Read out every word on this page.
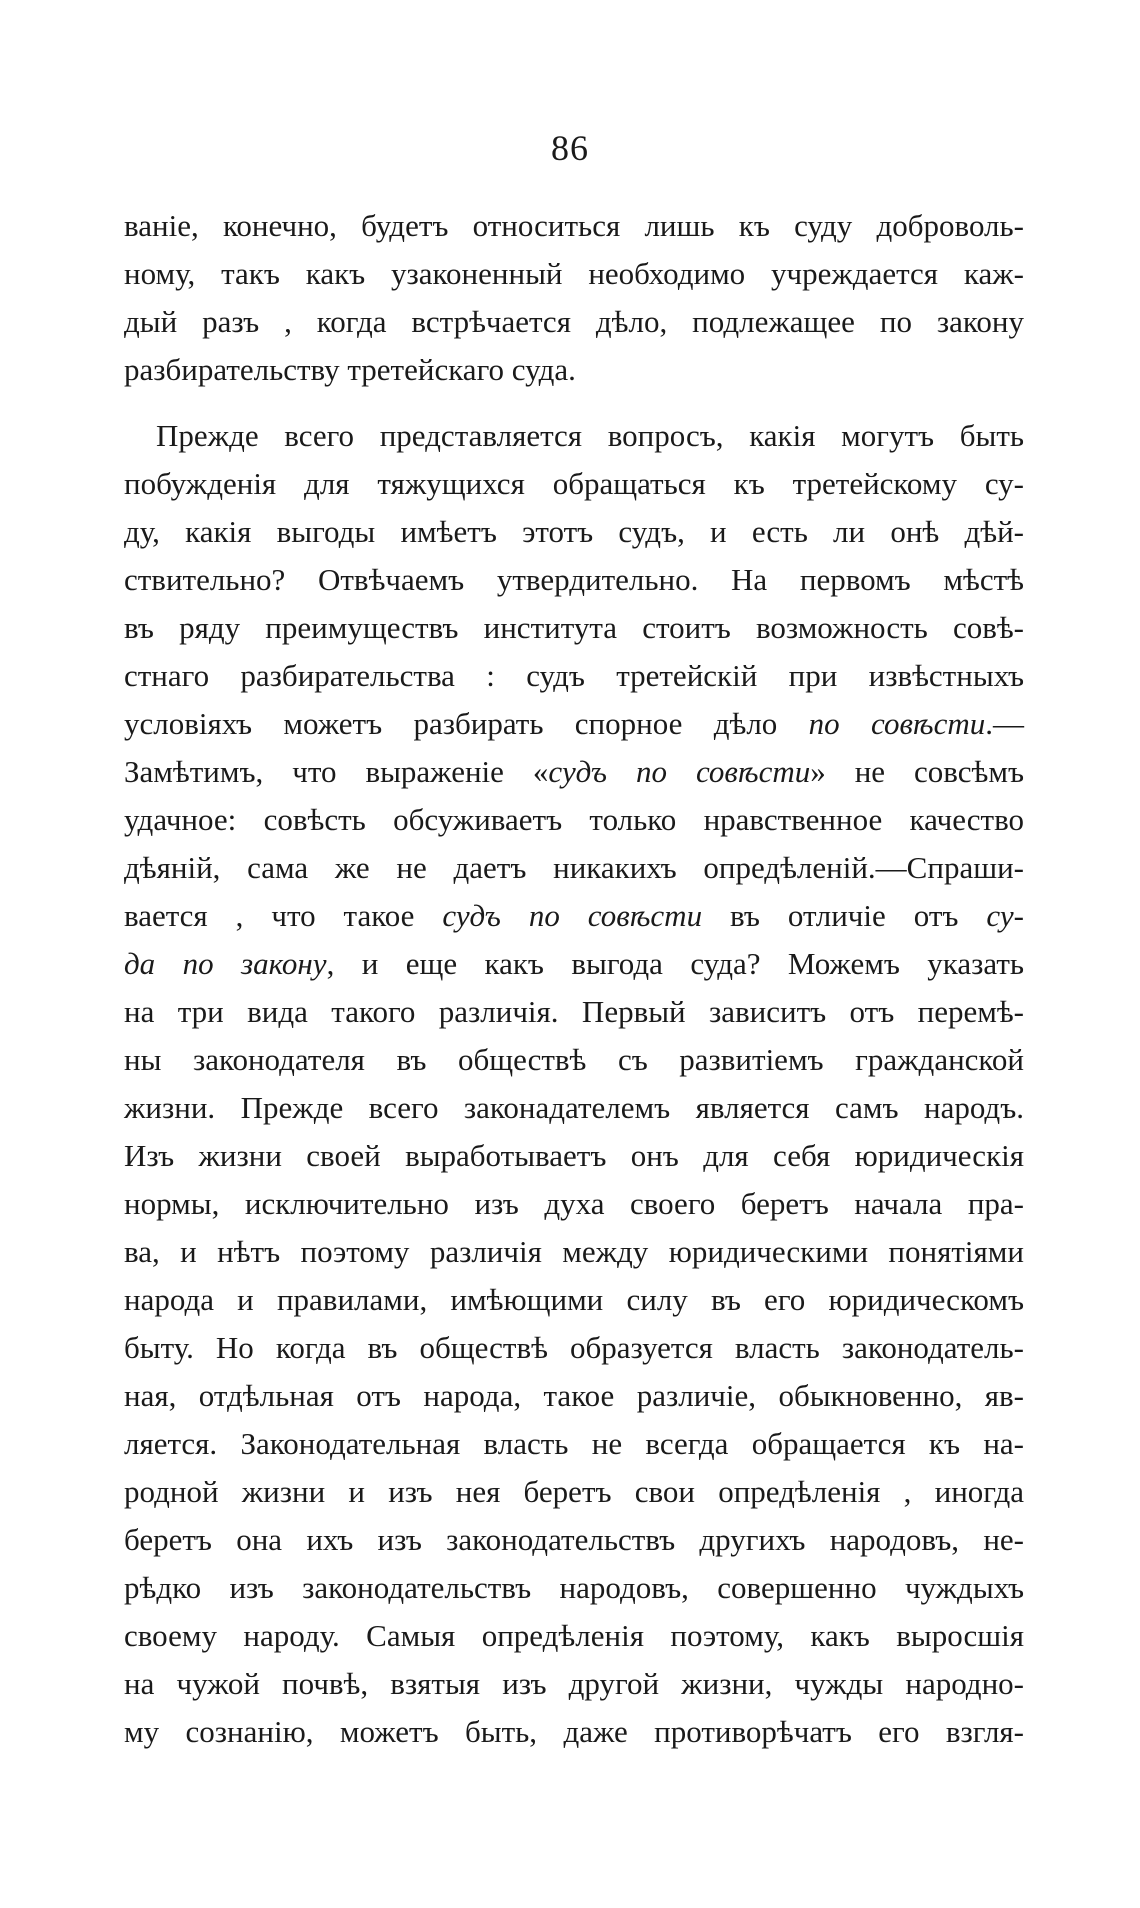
86
ваніе, конечно, будетъ относиться лишь къ суду доброволь-
ному, такъ какъ узаконенный необходимо учреждается каж-
дый разъ , когда встрѣчается дѣло, подлежащее по закону
разбирательству третейскаго суда.
Прежде всего представляется вопросъ, какія могутъ быть
побужденія для тяжущихся обращаться къ третейскому су-
ду, какія выгоды имѣетъ этотъ судъ, и есть ли онѣ дѣй-
ствительно? Отвѣчаемъ утвердительно. На первомъ мѣстѣ
въ ряду преимуществъ института стоитъ возможность совѣ-
стнаго разбирательства : судъ третейскій при извѣстныхъ
условіяхъ можетъ разбирать спорное дѣло по совѣсти.—
Замѣтимъ, что выраженіе «судъ по совѣсти» не совсѣмъ
удачное: совѣсть обсуживаетъ только нравственное качество
дѣяній, сама же не даетъ никакихъ опредѣленій.—Спраши-
вается , что такое судъ по совѣсти въ отличіе отъ су-
да по закону, и еще какъ выгода суда? Можемъ указать
на три вида такого различія. Первый зависитъ отъ перемѣ-
ны законодателя въ обществѣ съ развитіемъ гражданской
жизни. Прежде всего законадателемъ является самъ народъ.
Изъ жизни своей выработываетъ онъ для себя юридическія
нормы, исключительно изъ духа своего беретъ начала пра-
ва, и нѣтъ поэтому различія между юридическими понятіями
народа и правилами, имѣющими силу въ его юридическомъ
быту. Но когда въ обществѣ образуется власть законодатель-
ная, отдѣльная отъ народа, такое различіе, обыкновенно, яв-
ляется. Законодательная власть не всегда обращается къ на-
родной жизни и изъ нея беретъ свои опредѣленія , иногда
беретъ она ихъ изъ законодательствъ другихъ народовъ, не-
рѣдко изъ законодательствъ народовъ, совершенно чуждыхъ
своему народу. Самыя опредѣленія поэтому, какъ выросшія
на чужой почвѣ, взятыя изъ другой жизни, чужды народно-
му сознанію, можетъ быть, даже противорѣчатъ его взгля-
